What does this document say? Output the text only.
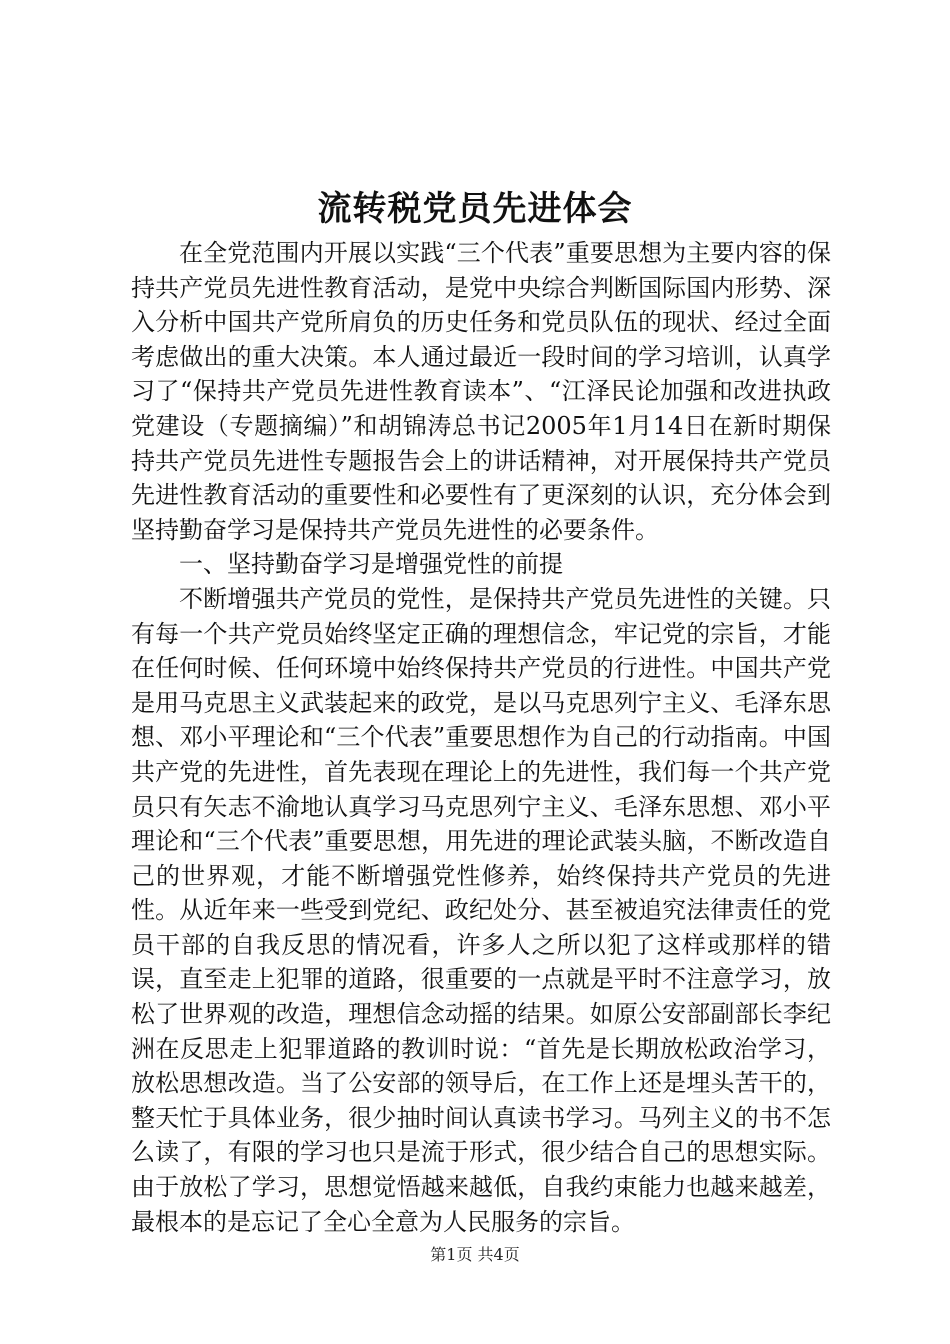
流转税党员先进体会

在全党范围内开展以实践“三个代表”重要思想为主要内容的保持共产党员先进性教育活动，是党中央综合判断国际国内形势、深入分析中国共产党所肩负的历史任务和党员队伍的现状、经过全面考虑做出的重大决策。本人通过最近一段时间的学习培训，认真学习了“保持共产党员先进性教育读本”、“江泽民论加强和改进执政党建设（专题摘编）”和胡锦涛总书记2005年1月14日在新时期保持共产党员先进性专题报告会上的讲话精神，对开展保持共产党员先进性教育活动的重要性和必要性有了更深刻的认识，充分体会到坚持勤奋学习是保持共产党员先进性的必要条件。

一、坚持勤奋学习是增强党性的前提

不断增强共产党员的党性，是保持共产党员先进性的关键。只有每一个共产党员始终坚定正确的理想信念，牢记党的宗旨，才能在任何时候、任何环境中始终保持共产党员的行进性。中国共产党是用马克思主义武装起来的政党，是以马克思列宁主义、毛泽东思想、邓小平理论和“三个代表”重要思想作为自己的行动指南。中国共产党的先进性，首先表现在理论上的先进性，我们每一个共产党员只有矢志不渝地认真学习马克思列宁主义、毛泽东思想、邓小平理论和“三个代表”重要思想，用先进的理论武装头脑，不断改造自己的世界观，才能不断增强党性修养，始终保持共产党员的先进性。从近年来一些受到党纪、政纪处分、甚至被追究法律责任的党员干部的自我反思的情况看，许多人之所以犯了这样或那样的错误，直至走上犯罪的道路，很重要的一点就是平时不注意学习，放松了世界观的改造，理想信念动摇的结果。如原公安部副部长李纪洲在反思走上犯罪道路的教训时说：“首先是长期放松政治学习，放松思想改造。当了公安部的领导后，在工作上还是埋头苦干的，整天忙于具体业务，很少抽时间认真读书学习。马列主义的书不怎么读了，有限的学习也只是流于形式，很少结合自己的思想实际。由于放松了学习，思想觉悟越来越低，自我约束能力也越来越差，最根本的是忘记了全心全意为人民服务的宗旨。

第1页 共4页
